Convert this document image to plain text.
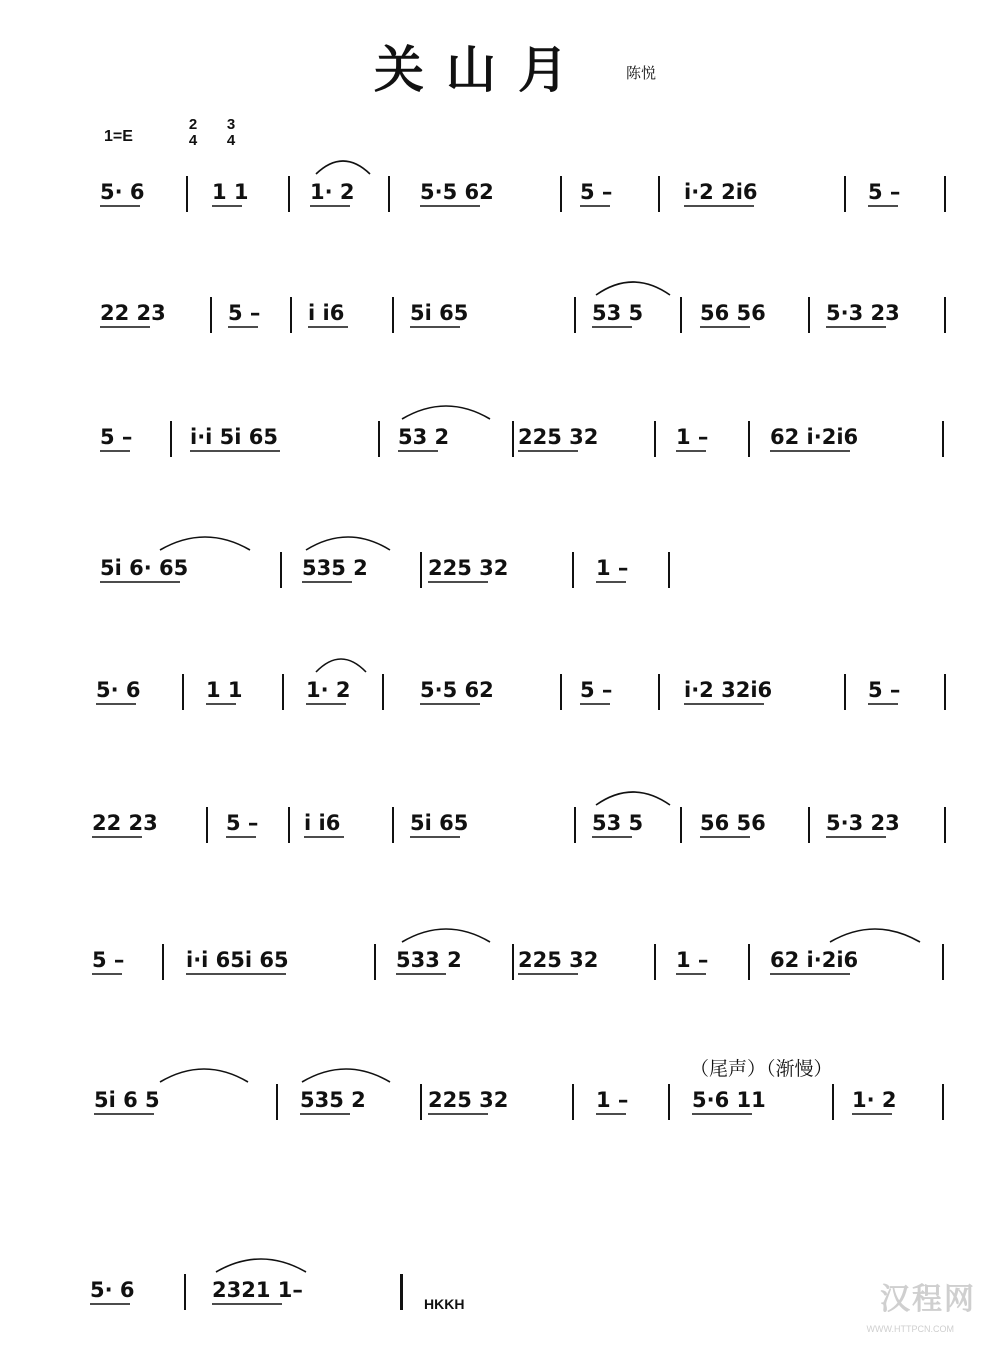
关山月 陈悦
1=E
2
4
3
4
（尾声）（渐慢）
5· 6	1 1	1· 2	5·5 62	5 –	i·2 2i6	5 –
22 23	5 – i i6	5i 65	53 5	56 56	5·3 23
5 –	i·i 5i 65	53 2	225 32	1 –	62 i·2i6
5i 6· 65	535 2	225 32	1 –
5· 6	1 1	1· 2	5·5 62	5 –	i·2 32i6	5 –
22 23	5 – i i6	5i 65	53 5	56 56	5·3 23
5 –	i·i 65i 65	533 2	225 32	1 –	62 i·2i6
5i 6 5	535 2	225 32	1 –	5·6 11	1· 2
5· 6	2321 1–	汉程网
WWW.HTTPCN.COM
HKKH
